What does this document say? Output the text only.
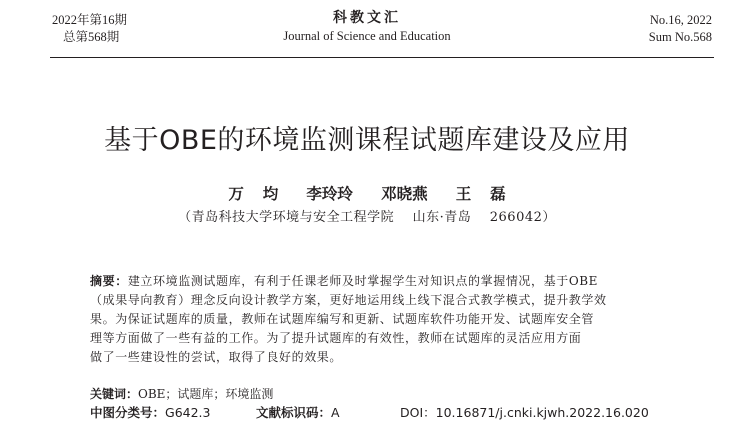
2022年第16期
总第568期
科教文汇
Journal of Science and Education
No.16, 2022
Sum No.568
基于OBE的环境监测课程试题库建设及应用
万  均   李玲玲   邓晓燕   王  磊
（青岛科技大学环境与安全工程学院    山东·青岛    266042）
摘要：建立环境监测试题库，有利于任课老师及时掌握学生对知识点的掌握情况，基于OBE
（成果导向教育）理念反向设计教学方案，更好地运用线上线下混合式教学模式，提升教学效
果。为保证试题库的质量，教师在试题库编写和更新、试题库软件功能开发、试题库安全管
理等方面做了一些有益的工作。为了提升试题库的有效性，教师在试题库的灵活应用方面
做了一些建设性的尝试，取得了良好的效果。
关键词：OBE；试题库；环境监测
中图分类号：G642.3	文献标识码：A	DOI：10.16871/j.cnki.kjwh.2022.16.020
